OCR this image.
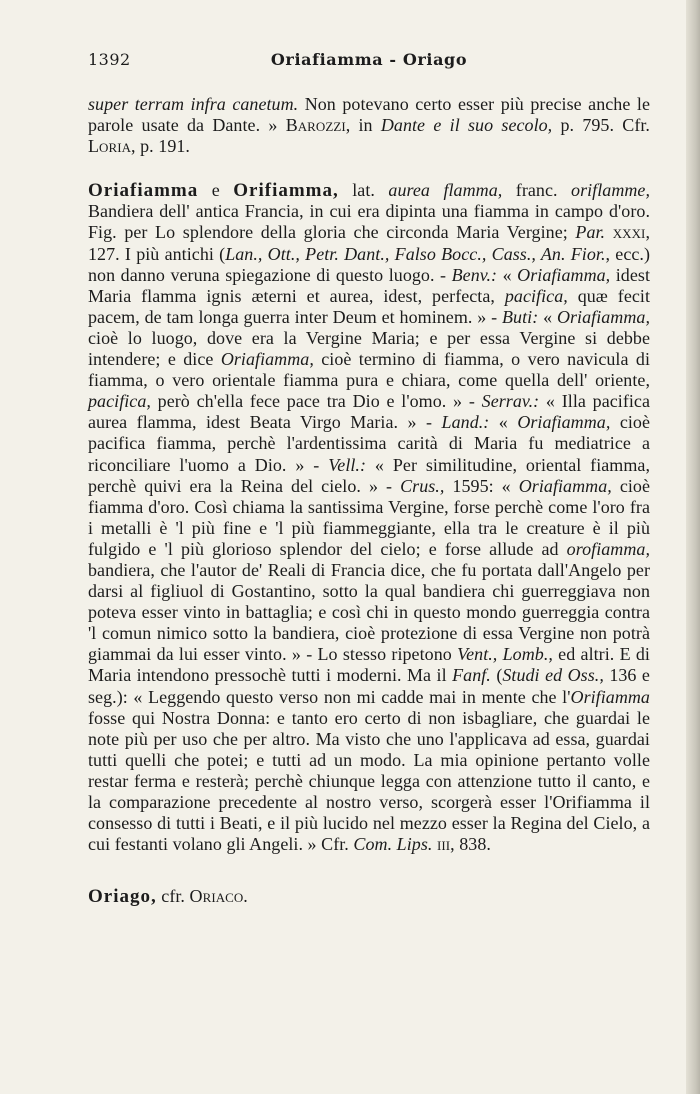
1392	Oriafiamma - Oriago

super terram infra canetum. Non potevano certo esser più precise anche le parole usate da Dante. » Barozzi, in Dante e il suo secolo, p. 795. Cfr. Loria, p. 191.

Oriafiamma e Orifiamma, lat. aurea flamma, franc. oriflamme, Bandiera dell' antica Francia, in cui era dipinta una fiamma in campo d'oro. Fig. per Lo splendore della gloria che circonda Maria Vergine; Par. xxxi, 127. I più antichi (Lan., Ott., Petr. Dant., Falso Bocc., Cass., An. Fior., ecc.) non danno veruna spiegazione di questo luogo. - Benv.: « Oriafiamma, idest Maria flamma ignis æterni et aurea, idest, perfecta, pacifica, quæ fecit pacem, de tam longa guerra inter Deum et hominem. » - Buti: « Oriafiamma, cioè lo luogo, dove era la Vergine Maria; e per essa Vergine si debbe intendere; e dice Oriafiamma, cioè termino di fiamma, o vero navicula di fiamma, o vero orientale fiamma pura e chiara, come quella dell' oriente, pacifica, però ch'ella fece pace tra Dio e l'omo. » - Serrav.: « Illa pacifica aurea flamma, idest Beata Virgo Maria. » - Land.: « Oriafiamma, cioè pacifica fiamma, perchè l'ardentissima carità di Maria fu mediatrice a riconciliare l'uomo a Dio. » - Vell.: « Per similitudine, oriental fiamma, perchè quivi era la Reina del cielo. » - Crus., 1595: « Oriafiamma, cioè fiamma d'oro. Così chiama la santissima Vergine, forse perchè come l'oro fra i metalli è 'l più fine e 'l più fiammeggiante, ella tra le creature è il più fulgido e 'l più glorioso splendor del cielo; e forse allude ad orofiamma, bandiera, che l'autor de' Reali di Francia dice, che fu portata dall'Angelo per darsi al figliuol di Gostantino, sotto la qual bandiera chi guerreggiava non poteva esser vinto in battaglia; e così chi in questo mondo guerreggia contra 'l comun nimico sotto la bandiera, cioè protezione di essa Vergine non potrà giammai da lui esser vinto. » - Lo stesso ripetono Vent., Lomb., ed altri. E di Maria intendono pressochè tutti i moderni. Ma il Fanf. (Studi ed Oss., 136 e seg.): « Leggendo questo verso non mi cadde mai in mente che l'Orifiamma fosse qui Nostra Donna: e tanto ero certo di non isbagliare, che guardai le note più per uso che per altro. Ma visto che uno l'applicava ad essa, guardai tutti quelli che potei; e tutti ad un modo. La mia opinione pertanto volle restar ferma e resterà; perchè chiunque legga con attenzione tutto il canto, e la comparazione precedente al nostro verso, scorgerà esser l'Orifiamma il consesso di tutti i Beati, e il più lucido nel mezzo esser la Regina del Cielo, a cui festanti volano gli Angeli. » Cfr. Com. Lips. iii, 838.

Oriago, cfr. Oriaco.
